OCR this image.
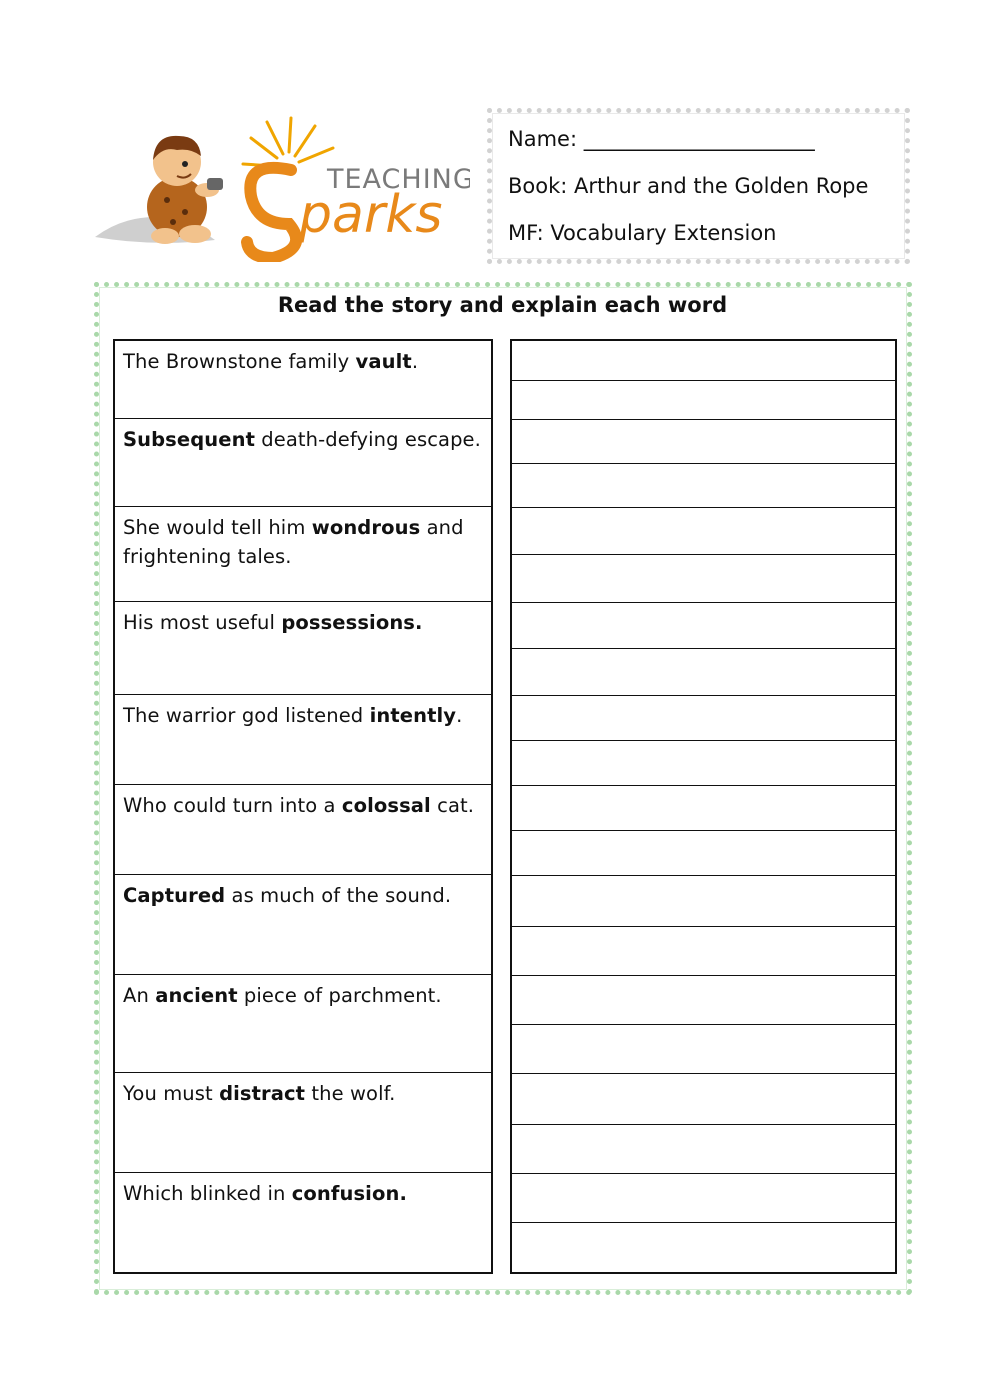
TEACHING
parks
Name: ______________________
Book: Arthur and the Golden Rope
MF: Vocabulary Extension
Read the story and explain each word
The Brownstone family vault.
Subsequent death-defying escape.
She would tell him wondrous and frightening tales.
His most useful possessions.
The warrior god listened intently.
Who could turn into a colossal cat.
Captured as much of the sound.
An ancient piece of parchment.
You must distract the wolf.
Which blinked in confusion.
